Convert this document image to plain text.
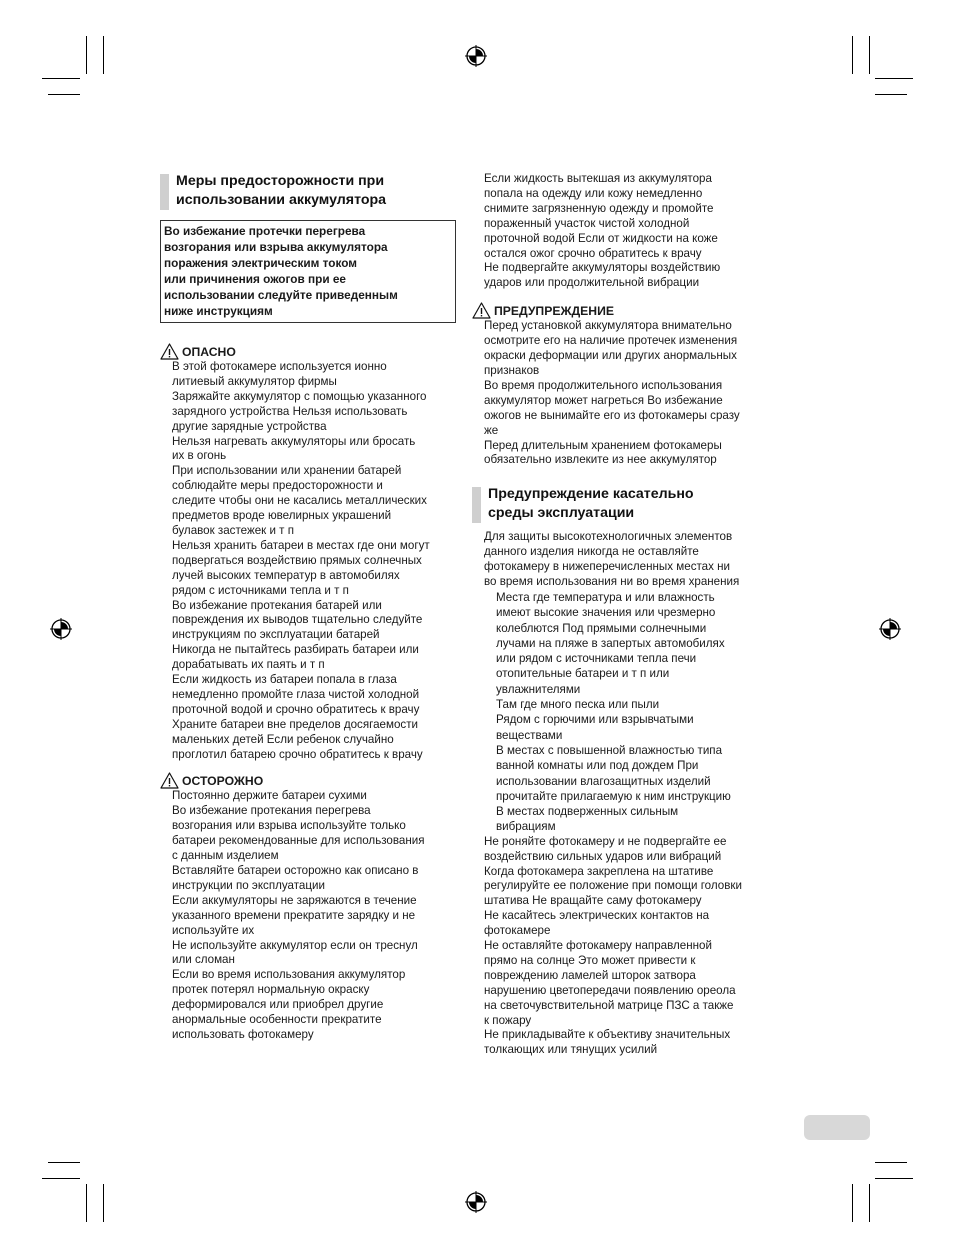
Меры предосторожности при
использовании аккумулятора
Во избежание протечки перегрева
возгорания или взрыва аккумулятора
поражения электрическим током
или причинения ожогов при ее
использовании следуйте приведенным
ниже инструкциям
ОПАСНО
В этой фотокамере используется ионно
литиевый аккумулятор фирмы
Заряжайте аккумулятор с помощью указанного
зарядного устройства Нельзя использовать
другие зарядные устройства
Нельзя нагревать аккумуляторы или бросать
их в огонь
При использовании или хранении батарей
соблюдайте меры предосторожности и
следите чтобы они не касались металлических
предметов вроде ювелирных украшений
булавок застежек и т п
Нельзя хранить батареи в местах где они могут
подвергаться воздействию прямых солнечных
лучей высоких температур в автомобилях
рядом с источниками тепла и т п
Во избежание протекания батарей или
повреждения их выводов тщательно следуйте
инструкциям по эксплуатации батарей
Никогда не пытайтесь разбирать батареи или
дорабатывать их паять и т п
Если жидкость из батареи попала в глаза
немедленно промойте глаза чистой холодной
проточной водой и срочно обратитесь к врачу
Храните батареи вне пределов досягаемости
маленьких детей Если ребенок случайно
проглотил батарею срочно обратитесь к врачу
ОСТОРОЖНО
Постоянно держите батареи сухими
Во избежание протекания перегрева
возгорания или взрыва используйте только
батареи рекомендованные для использования
с данным изделием
Вставляйте батареи осторожно как описано в
инструкции по эксплуатации
Если аккумуляторы не заряжаются в течение
указанного времени прекратите зарядку и не
используйте их
Не используйте аккумулятор если он треснул
или сломан
Если во время использования аккумулятор
протек потерял нормальную окраску
деформировался или приобрел другие
анормальные особенности прекратите
использовать фотокамеру
Если жидкость вытекшая из аккумулятора
попала на одежду или кожу немедленно
снимите загрязненную одежду и промойте
пораженный участок чистой холодной
проточной водой Если от жидкости на коже
остался ожог срочно обратитесь к врачу
Не подвергайте аккумуляторы воздействию
ударов или продолжительной вибрации
ПРЕДУПРЕЖДЕНИЕ
Перед установкой аккумулятора внимательно
осмотрите его на наличие протечек изменения
окраски деформации или других анормальных
признаков
Во время продолжительного использования
аккумулятор может нагреться Во избежание
ожогов не вынимайте его из фотокамеры сразу
же
Перед длительным хранением фотокамеры
обязательно извлеките из нее аккумулятор
Предупреждение касательно
среды эксплуатации
Для защиты высокотехнологичных элементов
данного изделия никогда не оставляйте
фотокамеру в нижеперечисленных местах ни
во время использования ни во время хранения
Места где температура и или влажность
имеют высокие значения или чрезмерно
колеблются Под прямыми солнечными
лучами на пляже в запертых автомобилях
или рядом с источниками тепла печи
отопительные батареи и т п или
увлажнителями
Там где много песка или пыли
Рядом с горючими или взрывчатыми
веществами
В местах с повышенной влажностью типа
ванной комнаты или под дождем При
использовании влагозащитных изделий
прочитайте прилагаемую к ним инструкцию
В местах подверженных сильным
вибрациям
Не роняйте фотокамеру и не подвергайте ее
воздействию сильных ударов или вибраций
Когда фотокамера закреплена на штативе
регулируйте ее положение при помощи головки
штатива Не вращайте саму фотокамеру
Не касайтесь электрических контактов на
фотокамере
Не оставляйте фотокамеру направленной
прямо на солнце Это может привести к
повреждению ламелей шторок затвора
нарушению цветопередачи появлению ореола
на светочувствительной матрице ПЗС а также
к пожару
Не прикладывайте к объективу значительных
толкающих или тянущих усилий
